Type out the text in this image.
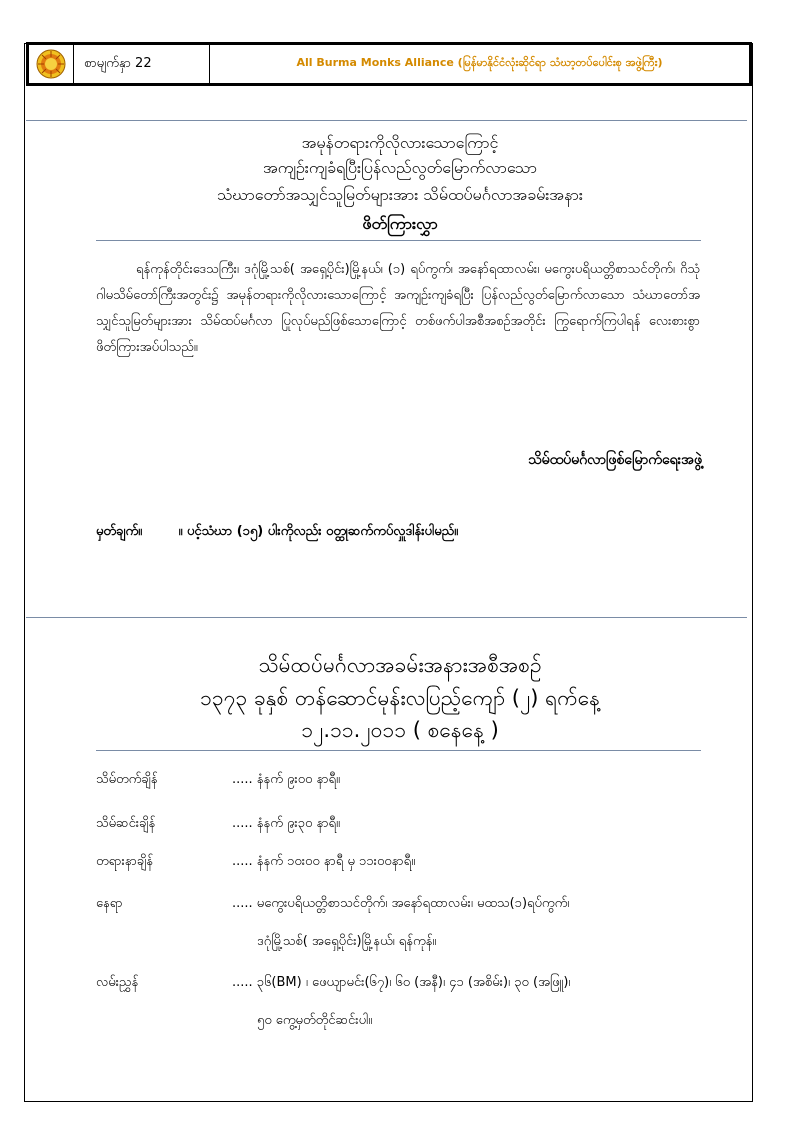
စာမျက်နှာ 22	All Burma Monks Alliance (မြန်မာနိုင်ငံလုံးဆိုင်ရာ သံဃာ့တပ်ပေါင်းစု အဖွဲ့ကြီး)
အမုန်တရားကိုလိုလားသောကြောင့်
အကျဉ်းကျခံရပြီးပြန်လည်လွတ်မြောက်လာသော
သံဃာတော်အသျှင်သူမြတ်များအား သိမ်ထပ်မင်္ဂလာအခမ်းအနား
ဖိတ်ကြားလွှာ
ရန်ကုန်တိုင်းဒေသကြီး၊ ဒဂုံမြို့သစ်( အရှေ့ပိုင်း)မြို့နယ်၊ (၁) ရပ်ကွက်၊ အနော်ရထာလမ်း၊ မကွေးပရိယတ္တိစာသင်တိုက်၊ ဂိသုံဂါမသိမ်တော်ကြီးအတွင်း၌ အမုန်တရားကိုလိုလားသောကြောင့် အကျဉ်းကျခံရပြီး ပြန်လည်လွတ်မြောက်လာသော သံဃာတော်အသျှင်သူမြတ်များအား သိမ်ထပ်မင်္ဂလာ ပြုလုပ်မည်ဖြစ်သောကြောင့် တစ်ဖက်ပါအစီအစဉ်အတိုင်း ကြွရောက်ကြပါရန် လေးစားစွာဖိတ်ကြားအပ်ပါသည်။
သိမ်ထပ်မင်္ဂလာဖြစ်မြောက်ရေးအဖွဲ့
မှတ်ချက်။	။ ပင့်သံဃာ (၁၅) ပါးကိုလည်း ဝတ္ထုဆက်ကပ်လှူဒါန်းပါမည်။
သိမ်ထပ်မင်္ဂလာအခမ်းအနားအစီအစဉ်
၁၃၇၃ ခုနှစ် တန်ဆောင်မုန်းလပြည့်ကျော် (၂) ရက်နေ့
၁၂.၁၁.၂၀၁၁ ( စနေနေ့ )
သိမ်တက်ချိန်	..... နံနက် ၉း၀၀ နာရီ။
သိမ်ဆင်းချိန်	..... နံနက် ၉း၃၀ နာရီ။
တရားနာချိန်	..... နံနက် ၁၀း၀၀ နာရီ မှ ၁၁း၀၀နာရီ။
နေရာ	..... မကွေးပရိယတ္တိစာသင်တိုက်၊ အနော်ရထာလမ်း၊ မထသ(၁)ရပ်ကွက်၊
ဒဂုံမြို့သစ်( အရှေ့ပိုင်း)မြို့နယ်၊ ရန်ကုန်။
လမ်းညွှန်	..... ၃၆(BM) ၊ ဖေယျာမင်း(၆၇)၊ ၆၀ (အနီ)၊ ၄၁ (အစိမ်း)၊ ၃၀ (အဖြူ)၊
၅၀ ကွေ့မှတ်တိုင်ဆင်းပါ။
